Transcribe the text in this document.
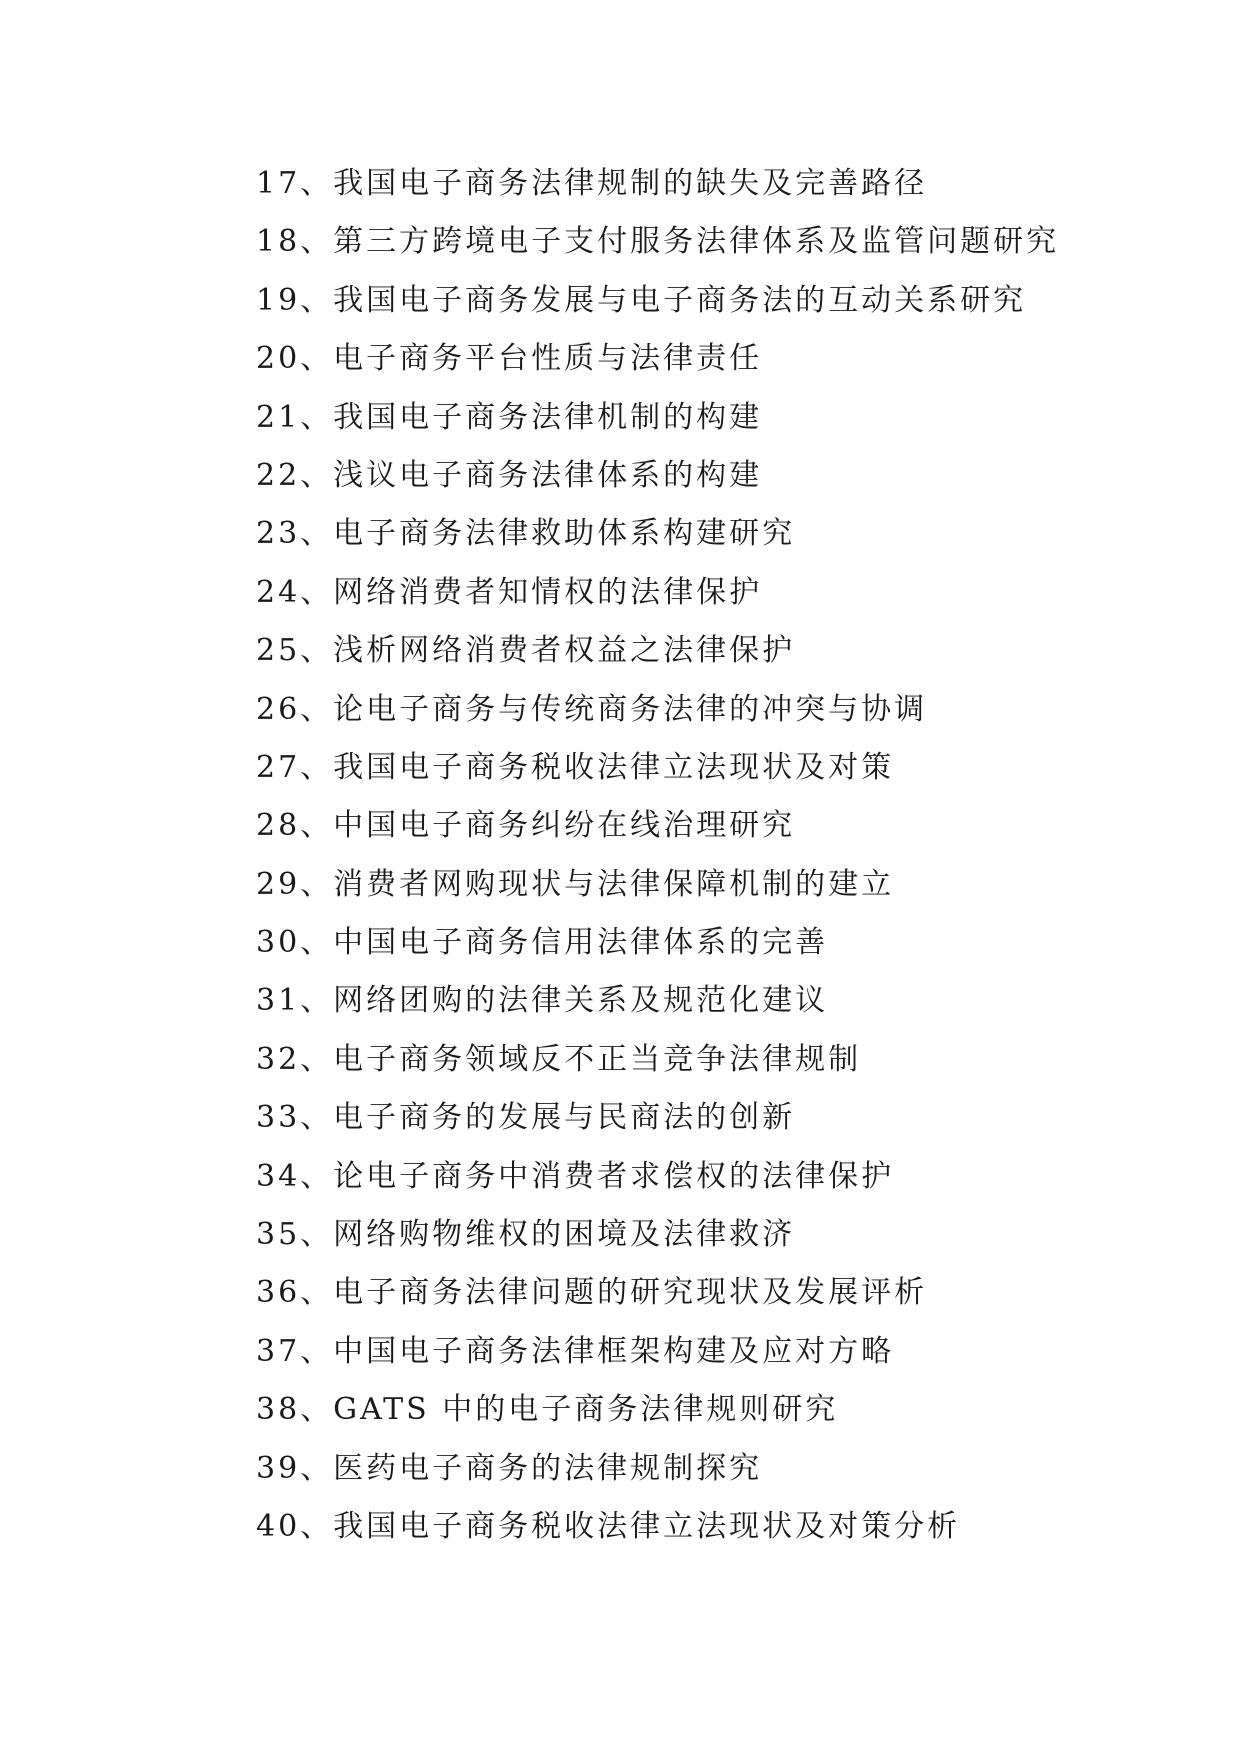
17、我国电子商务法律规制的缺失及完善路径
18、第三方跨境电子支付服务法律体系及监管问题研究
19、我国电子商务发展与电子商务法的互动关系研究
20、电子商务平台性质与法律责任
21、我国电子商务法律机制的构建
22、浅议电子商务法律体系的构建
23、电子商务法律救助体系构建研究
24、网络消费者知情权的法律保护
25、浅析网络消费者权益之法律保护
26、论电子商务与传统商务法律的冲突与协调
27、我国电子商务税收法律立法现状及对策
28、中国电子商务纠纷在线治理研究
29、消费者网购现状与法律保障机制的建立
30、中国电子商务信用法律体系的完善
31、网络团购的法律关系及规范化建议
32、电子商务领域反不正当竞争法律规制
33、电子商务的发展与民商法的创新
34、论电子商务中消费者求偿权的法律保护
35、网络购物维权的困境及法律救济
36、电子商务法律问题的研究现状及发展评析
37、中国电子商务法律框架构建及应对方略
38、GATS 中的电子商务法律规则研究
39、医药电子商务的法律规制探究
40、我国电子商务税收法律立法现状及对策分析
